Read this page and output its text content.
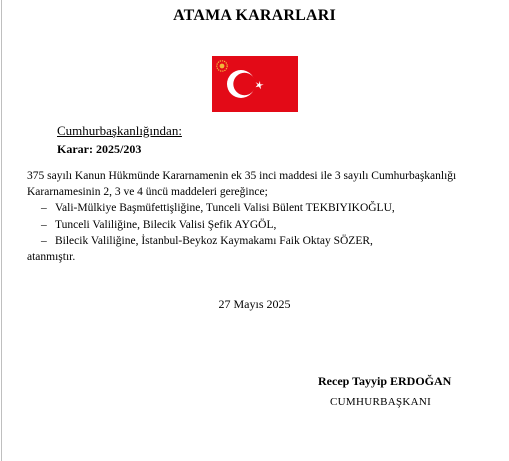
ATAMA KARARLARI
Cumhurbaşkanlığından:
Karar: 2025/203

375 sayılı Kanun Hükmünde Kararnamenin ek 35 inci maddesi ile 3 sayılı Cumhurbaşkanlığı

Kararnamesinin 2, 3 ve 4 üncü maddeleri gereğince;

– Vali-Mülkiye Başmüfettişliğine, Tunceli Valisi Bülent TEKBIYIKOĞLU,
– Tunceli Valiliğine, Bilecik Valisi Şefik AYGÖL,
– Bilecik Valiliğine, İstanbul-Beykoz Kaymakamı Faik Oktay SÖZER,

atanmıştır.

27 Mayıs 2025
Recep Tayyip ERDOĞAN
CUMHURBAŞKANI
